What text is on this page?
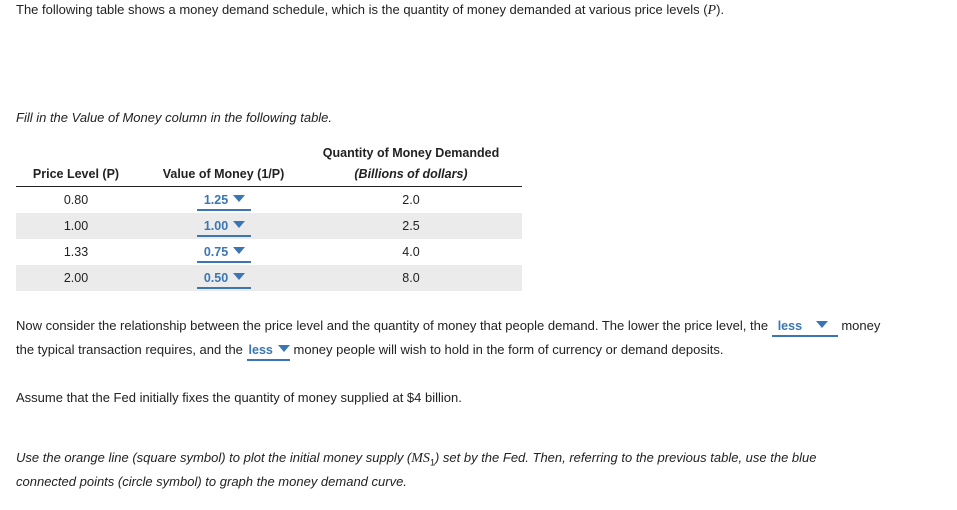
The following table shows a money demand schedule, which is the quantity of money demanded at various price levels (P).
Fill in the Value of Money column in the following table.
Quantity of Money Demanded
Price Level (P)	Value of Money (1/P)	(Billions of dollars)
0.80	1.25	2.0
1.00	1.00	2.5
1.33	0.75	4.0
2.00	0.50	8.0
Now consider the relationship between the price level and the quantity of money that people demand. The lower the price level, the less	money
the typical transaction requires, and the less money people will wish to hold in the form of currency or demand deposits.
Assume that the Fed initially fixes the quantity of money supplied at $4 billion.
Use the orange line (square symbol) to plot the initial money supply $(MS_1)$ set by the Fed. Then, referring to the previous table, use the blue
connected points (circle symbol) to graph the money demand curve.
